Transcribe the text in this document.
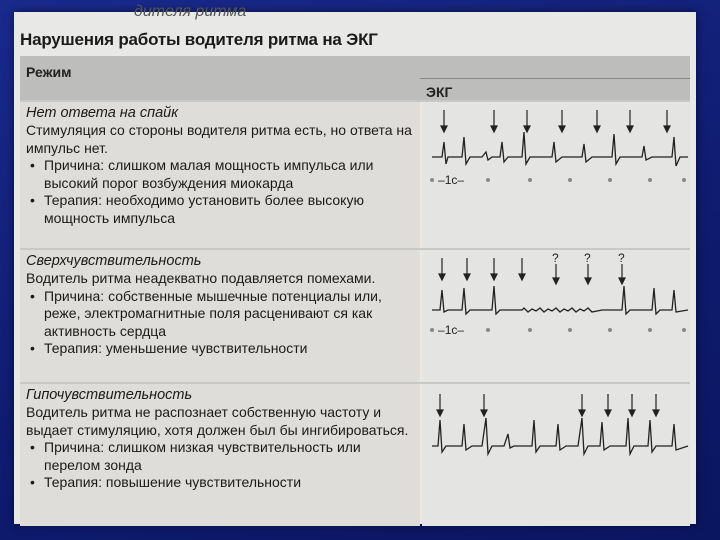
дителя ритма
Нарушения работы водителя ритма на ЭКГ
Режим
ЭКГ
Нет ответа на спайк
Стимуляция со стороны водителя ритма есть, но ответа на импульс нет.
• Причина: слишком малая мощность импульса или высокий порог возбуждения миокарда
• Терапия: необходимо установить более высокую мощность импульса
–1c–
Сверхчувствительность
Водитель ритма неадекватно подавляется помехами.
• Причина: собственные мышечные потенциалы или, реже, электромагнитные поля расценивают ся как активность сердца
• Терапия: уменьшение чувствительности
? ? ?
–1c–
Гипочувствительность
Водитель ритма не распознает собственную частоту и выдает стимуляцию, хотя должен был бы ингибироваться.
• Причина: слишком низкая чувствительность или перелом зонда
• Терапия: повышение чувствительности
